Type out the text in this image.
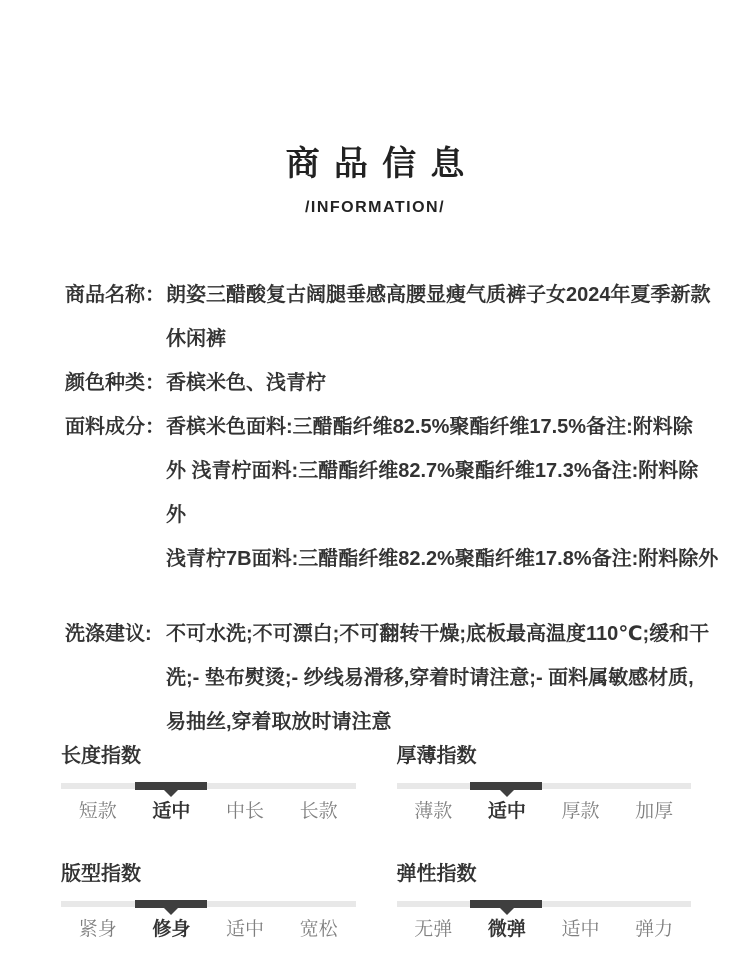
商品信息
/INFORMATION/
商品名称： 朗姿三醋酸复古阔腿垂感高腰显瘦气质裤子女2024年夏季新款
休闲裤
颜色种类： 香槟米色、浅青柠
面料成分： 香槟米色面料:三醋酯纤维82.5%聚酯纤维17.5%备注:附料除
外 浅青柠面料:三醋酯纤维82.7%聚酯纤维17.3%备注:附料除
外
浅青柠7B面料:三醋酯纤维82.2%聚酯纤维17.8%备注:附料除外
洗涤建议: 不可水洗;不可漂白;不可翻转干燥;底板最高温度110℃;缓和干
洗;- 垫布熨烫;- 纱线易滑移,穿着时请注意;- 面料属敏感材质,
易抽丝,穿着取放时请注意
长度指数
短款	适中	中长	长款
厚薄指数
薄款	适中	厚款	加厚
版型指数
紧身	修身	适中	宽松
弹性指数
无弹	微弹	适中	弹力
